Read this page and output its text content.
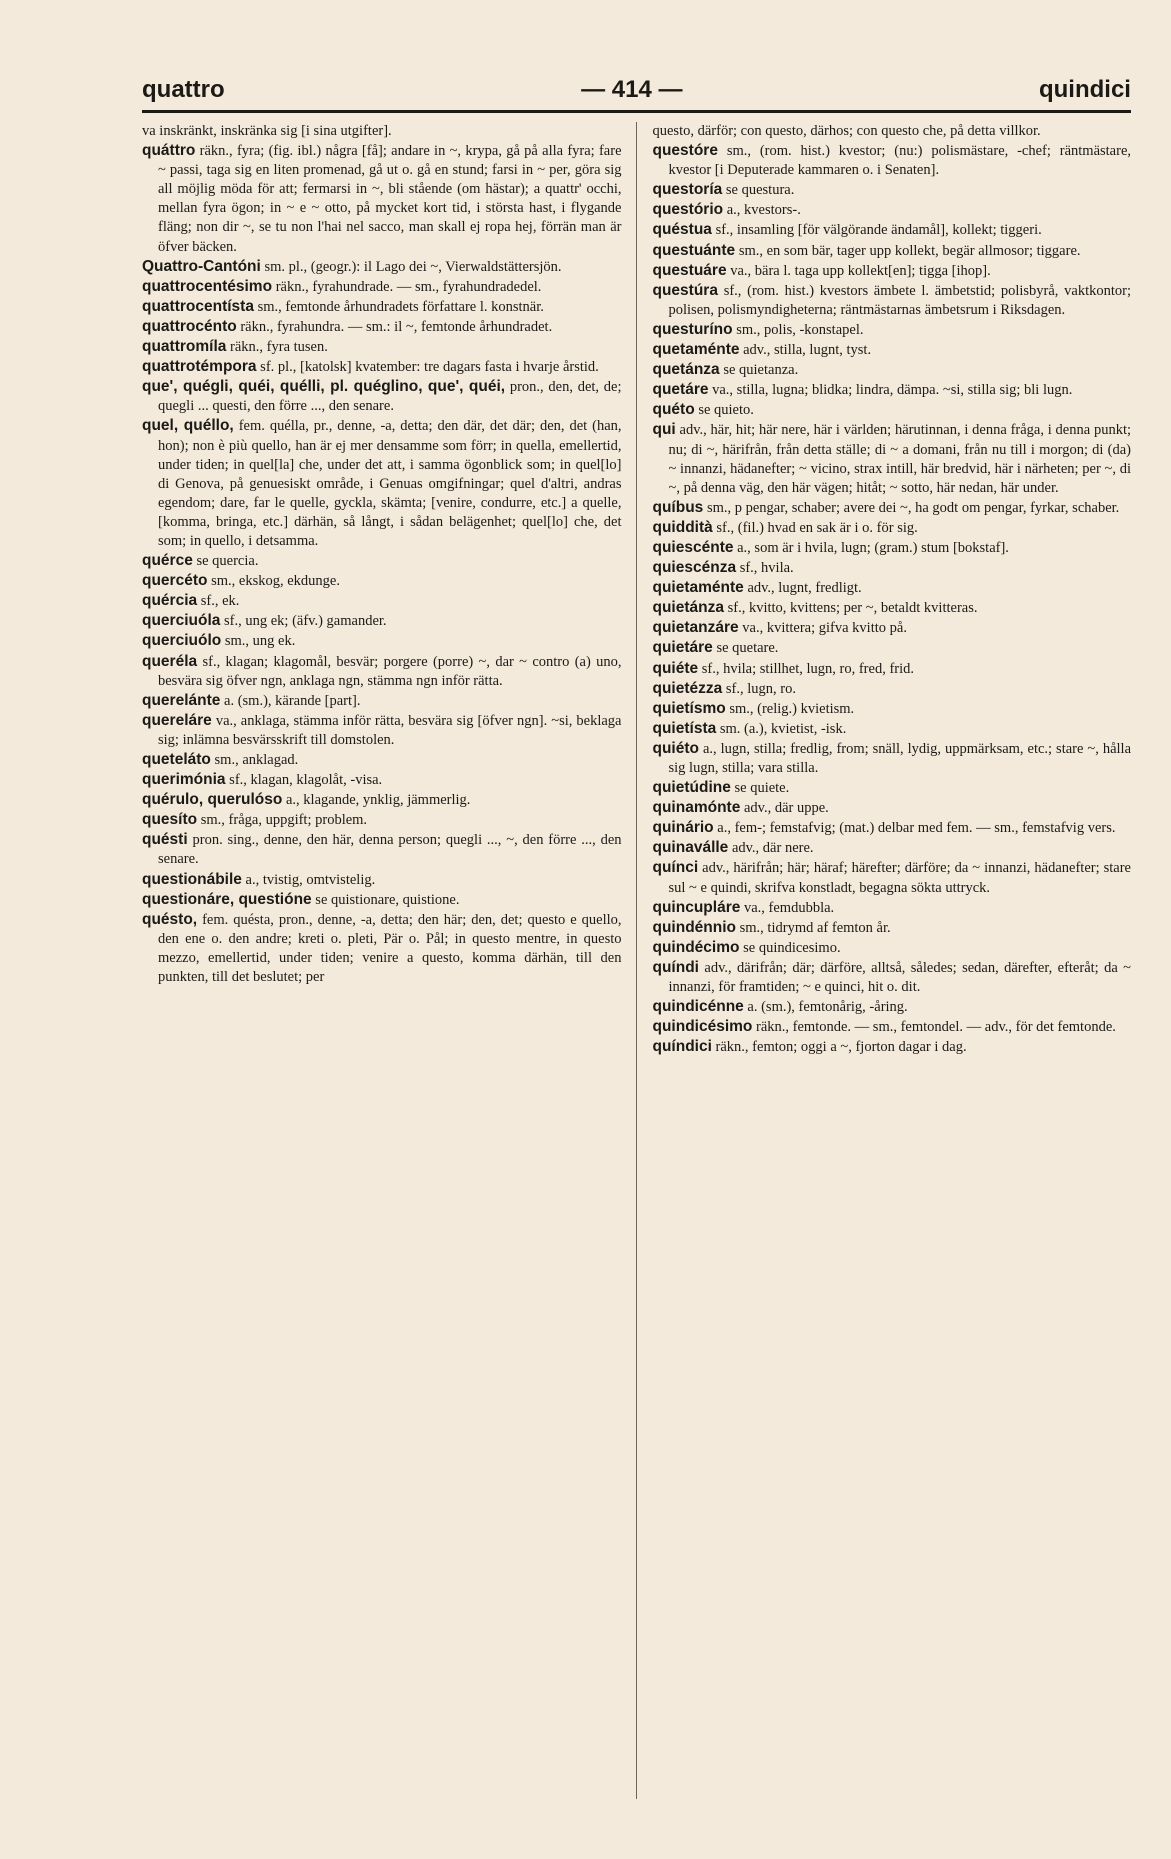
quattro	— 414 —	quindici

va inskränkt, inskränka sig [i sina utgifter].

quáttro räkn., fyra; (fig. ibl.) några [få]; andare in ~, krypa, gå på alla fyra; fare ~ passi, taga sig en liten promenad, gå ut o. gå en stund; farsi in ~ per, göra sig all möjlig möda för att; fermarsi in ~, bli stående (om hästar); a quattr' occhi, mellan fyra ögon; in ~ e ~ otto, på mycket kort tid, i största hast, i flygande fläng; non dir ~, se tu non l'hai nel sacco, man skall ej ropa hej, förrän man är öfver bäcken.

Quattro-Cantóni sm. pl., (geogr.): il Lago dei ~, Vierwaldstättersjön.

quattrocentésimo räkn., fyrahundrade. — sm., fyrahundradedel.

quattrocentísta sm., femtonde århundradets författare l. konstnär.

quattrocénto räkn., fyrahundra. — sm.: il ~, femtonde århundradet.

quattromíla räkn., fyra tusen.

quattrotémpora sf. pl., [katolsk] kvatember: tre dagars fasta i hvarje årstid.

que', quégli, quéi, quélli, pl. quéglino, que', quéi, pron., den, det, de; quegli ... questi, den förre ..., den senare.

quel, quéllo, fem. quélla, pr., denne, -a, detta; den där, det där; den, det (han, hon); non è più quello, han är ej mer densamme som förr; in quella, emellertid, under tiden; in quel[la] che, under det att, i samma ögonblick som; in quel[lo] di Genova, på genuesiskt område, i Genuas omgifningar; quel d'altri, andras egendom; dare, far le quelle, gyckla, skämta; [venire, condurre, etc.] a quelle, [komma, bringa, etc.] därhän, så långt, i sådan belägenhet; quel[lo] che, det som; in quello, i detsamma.

quérce se quercia.

quercéto sm., ekskog, ekdunge.

quércia sf., ek.

querciuóla sf., ung ek; (äfv.) gamander.

querciuólo sm., ung ek.

queréla sf., klagan; klagomål, besvär; porgere (porre) ~, dar ~ contro (a) uno, besvära sig öfver ngn, anklaga ngn, stämma ngn inför rätta.

querelánte a. (sm.), kärande [part].

quereláre va., anklaga, stämma inför rätta, besvära sig [öfver ngn]. ~si, beklaga sig; inlämna besvärsskrift till domstolen.

queteláto sm., anklagad.

querimónia sf., klagan, klagolåt, -visa.

quérulo, querulóso a., klagande, ynklig, jämmerlig.

quesíto sm., fråga, uppgift; problem.

quésti pron. sing., denne, den här, denna person; quegli ..., ~, den förre ..., den senare.

questionábile a., tvistig, omtvistelig.

questionáre, questióne se quistionare, quistione.

quésto, fem. quésta, pron., denne, -a, detta; den här; den, det; questo e quello, den ene o. den andre; kreti o. pleti, Pär o. Pål; in questo mentre, in questo mezzo, emellertid, under tiden; venire a questo, komma därhän, till den punkten, till det beslutet; per

questo, därför; con questo, därhos; con questo che, på detta villkor.

questóre sm., (rom. hist.) kvestor; (nu:) polismästare, -chef; räntmästare, kvestor [i Deputerade kammaren o. i Senaten].

questoría se questura.

questório a., kvestors-.

quéstua sf., insamling [för välgörande ändamål], kollekt; tiggeri.

questuánte sm., en som bär, tager upp kollekt, begär allmosor; tiggare.

questuáre va., bära l. taga upp kollekt[en]; tigga [ihop].

questúra sf., (rom. hist.) kvestors ämbete l. ämbetstid; polisbyrå, vaktkontor; polisen, polismyndigheterna; räntmästarnas ämbetsrum i Riksdagen.

questuríno sm., polis, -konstapel.

quetaménte adv., stilla, lugnt, tyst.

quetánza se quietanza.

quetáre va., stilla, lugna; blidka; lindra, dämpa. ~si, stilla sig; bli lugn.

quéto se quieto.

qui adv., här, hit; här nere, här i världen; härutinnan, i denna fråga, i denna punkt; nu; di ~, härifrån, från detta ställe; di ~ a domani, från nu till i morgon; di (da) ~ innanzi, hädanefter; ~ vicino, strax intill, här bredvid, här i närheten; per ~, di ~, på denna väg, den här vägen; hitåt; ~ sotto, här nedan, här under.

quíbus sm., p pengar, schaber; avere dei ~, ha godt om pengar, fyrkar, schaber.

quiddità sf., (fil.) hvad en sak är i o. för sig.

quiescénte a., som är i hvila, lugn; (gram.) stum [bokstaf].

quiescénza sf., hvila.

quietaménte adv., lugnt, fredligt.

quietánza sf., kvitto, kvittens; per ~, betaldt kvitteras.

quietanzáre va., kvittera; gifva kvitto på.

quietáre se quetare.

quiéte sf., hvila; stillhet, lugn, ro, fred, frid.

quietézza sf., lugn, ro.

quietísmo sm., (relig.) kvietism.

quietísta sm. (a.), kvietist, -isk.

quiéto a., lugn, stilla; fredlig, from; snäll, lydig, uppmärksam, etc.; stare ~, hålla sig lugn, stilla; vara stilla.

quietúdine se quiete.

quinamónte adv., där uppe.

quinário a., fem-; femstafvig; (mat.) delbar med fem. — sm., femstafvig vers.

quinaválle adv., där nere.

quínci adv., härifrån; här; häraf; härefter; därföre; da ~ innanzi, hädanefter; stare sul ~ e quindi, skrifva konstladt, begagna sökta uttryck.

quincupláre va., femdubbla.

quindénnio sm., tidrymd af femton år.

quindécimo se quindicesimo.

quíndi adv., därifrån; där; därföre, alltså, således; sedan, därefter, efteråt; da ~ innanzi, för framtiden; ~ e quinci, hit o. dit.

quindicénne a. (sm.), femtonårig, -åring.

quindicésimo räkn., femtonde. — sm., femtondel. — adv., för det femtonde.

quíndici räkn., femton; oggi a ~, fjorton dagar i dag.
